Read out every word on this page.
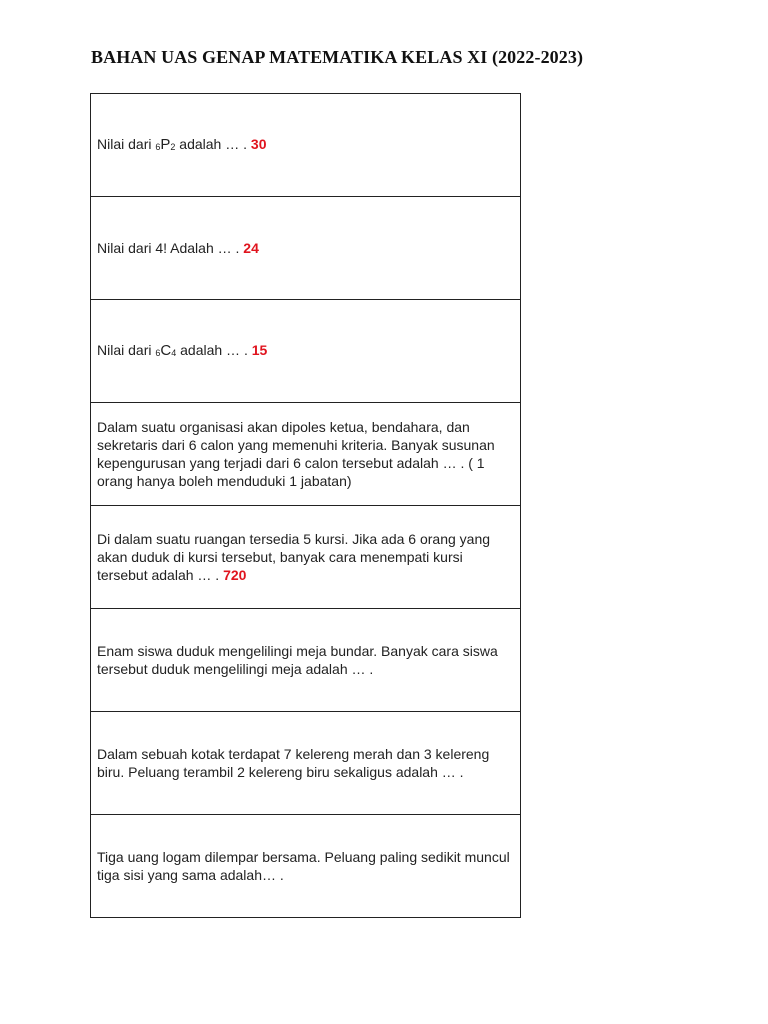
BAHAN UAS GENAP MATEMATIKA KELAS XI (2022-2023)
Nilai dari 6P2 adalah … . 30
Nilai dari 4! Adalah … . 24
Nilai dari 6C4 adalah … . 15
Dalam suatu organisasi akan dipoles ketua, bendahara, dan sekretaris dari 6 calon yang memenuhi kriteria. Banyak susunan kepengurusan yang terjadi dari 6 calon tersebut adalah … . ( 1 orang hanya boleh menduduki 1 jabatan)
Di dalam suatu ruangan tersedia 5 kursi. Jika ada 6 orang yang akan duduk di kursi tersebut, banyak cara menempati kursi tersebut adalah … . 720
Enam siswa duduk mengelilingi meja bundar. Banyak cara siswa tersebut duduk mengelilingi meja adalah … .
Dalam sebuah kotak terdapat 7 kelereng merah dan 3 kelereng biru. Peluang terambil 2 kelereng biru sekaligus adalah … .
Tiga uang logam dilempar bersama. Peluang paling sedikit muncul tiga sisi yang sama adalah… .
